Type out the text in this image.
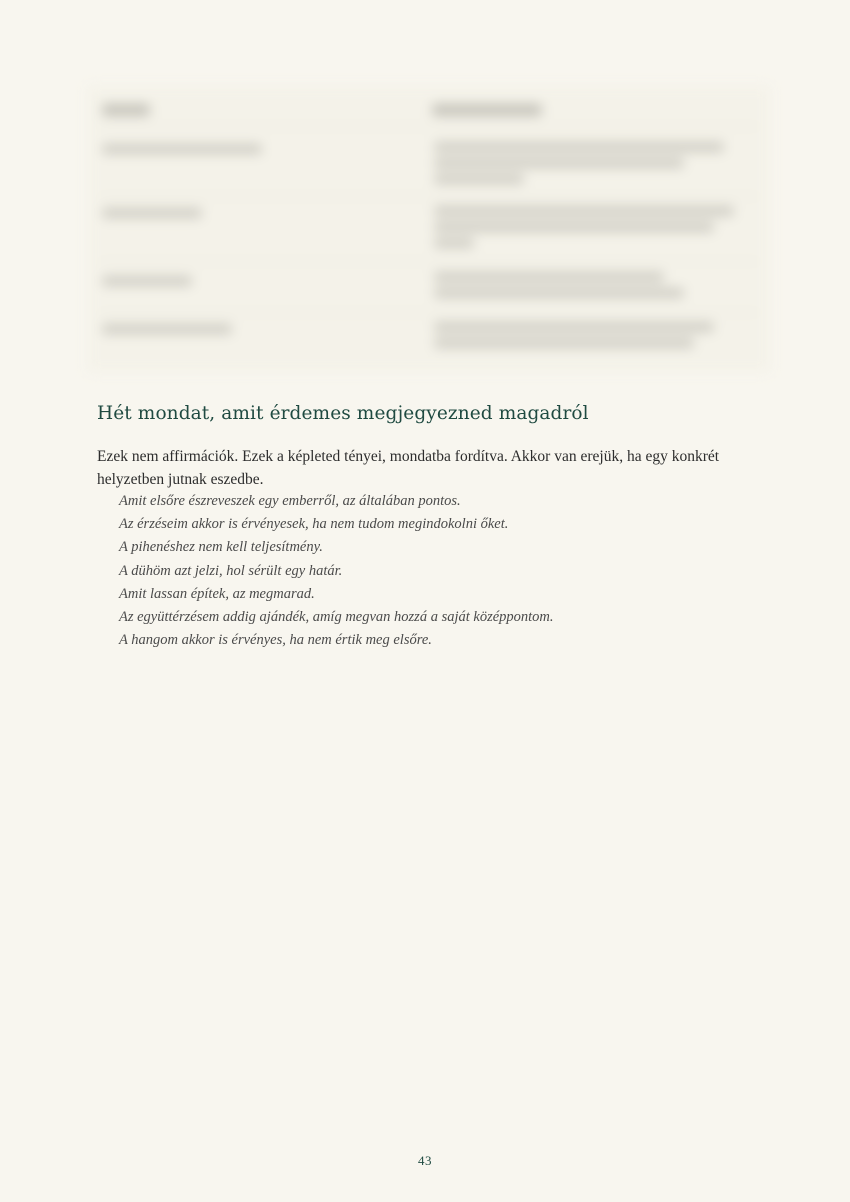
Hét mondat, amit érdemes megjegyezned magadról

Ezek nem affirmációk. Ezek a képleted tényei, mondatba fordítva. Akkor van erejük, ha egy konkrét helyzetben jutnak eszedbe.

Amit elsőre észreveszek egy emberről, az általában pontos.
Az érzéseim akkor is érvényesek, ha nem tudom megindokolni őket.
A pihenéshez nem kell teljesítmény.
A dühöm azt jelzi, hol sérült egy határ.
Amit lassan építek, az megmarad.
Az együttérzésem addig ajándék, amíg megvan hozzá a saját középpontom.
A hangom akkor is érvényes, ha nem értik meg elsőre.
43
